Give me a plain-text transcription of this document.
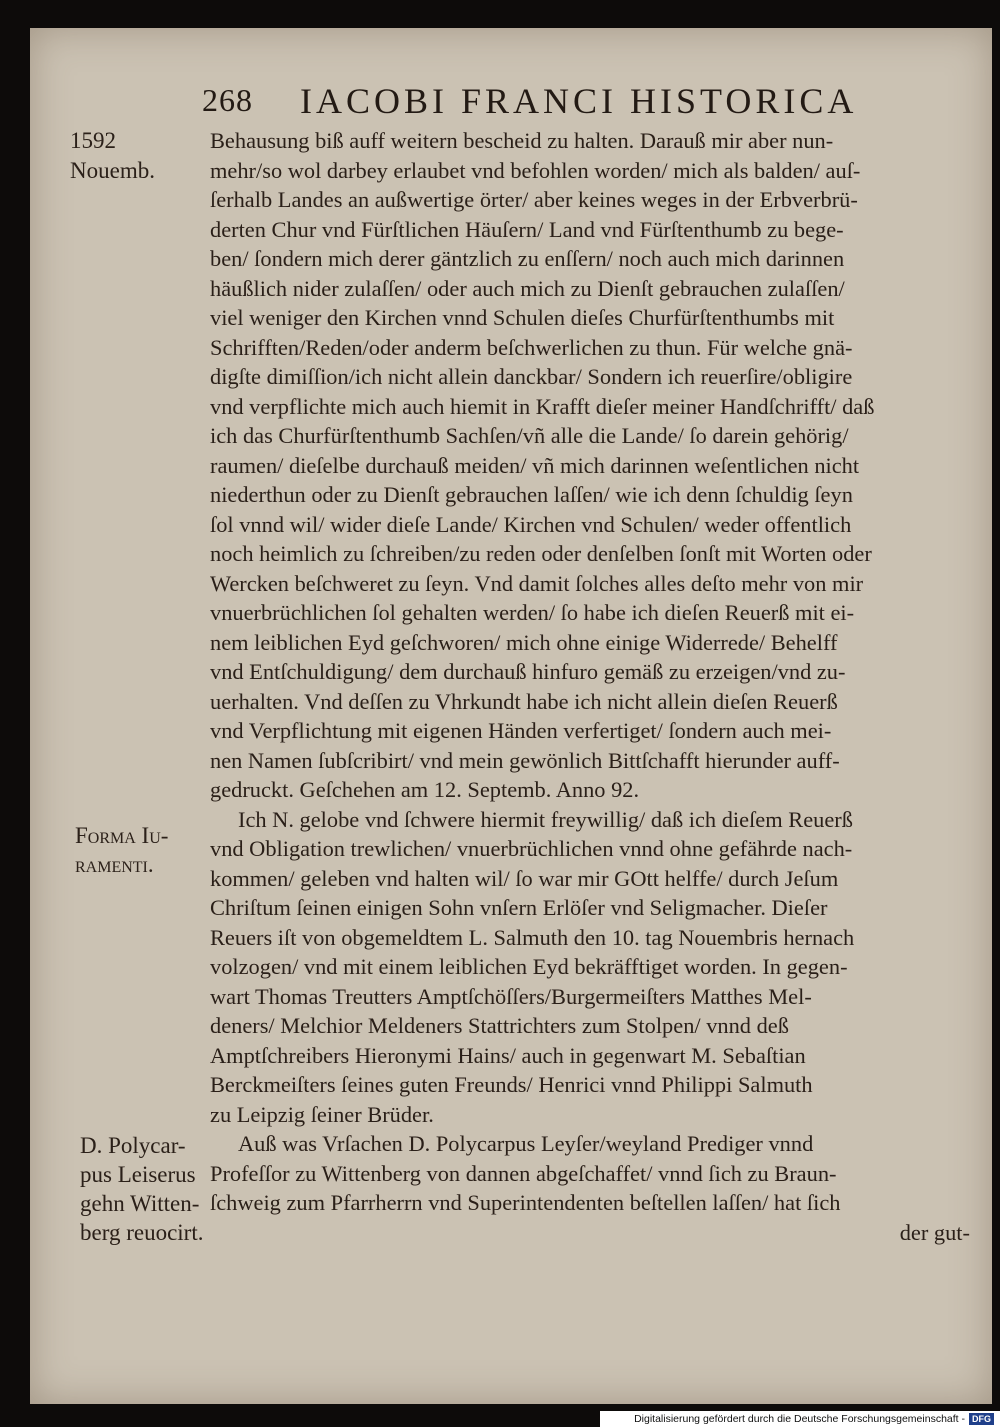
268 IACOBI FRANCI HISTORICA
1592
Nouemb.
Forma Iu-
ramenti.
D. Polycar-
pus Leiserus
gehn Witten-
berg reuocirt.
Behausung biß auff weitern bescheid zu halten. Darauß mir aber nun-
mehr/so wol darbey erlaubet vnd befohlen worden/ mich als balden/ auſ-
ſerhalb Landes an außwertige örter/ aber keines weges in der Erbverbrü-
derten Chur vnd Fürſtlichen Häuſern/ Land vnd Fürſtenthumb zu bege-
ben/ ſondern mich derer gäntzlich zu enſſern/ noch auch mich darinnen
häußlich nider zulaſſen/ oder auch mich zu Dienſt gebrauchen zulaſſen/
viel weniger den Kirchen vnnd Schulen dieſes Churfürſtenthumbs mit
Schrifften/Reden/oder anderm beſchwerlichen zu thun. Für welche gnä-
digſte dimiſſion/ich nicht allein danckbar/ Sondern ich reuerſire/obligire
vnd verpflichte mich auch hiemit in Krafft dieſer meiner Handſchrifft/ daß
ich das Churfürſtenthumb Sachſen/vñ alle die Lande/ ſo darein gehörig/
raumen/ dieſelbe durchauß meiden/ vñ mich darinnen weſentlichen nicht
niederthun oder zu Dienſt gebrauchen laſſen/ wie ich denn ſchuldig ſeyn
ſol vnnd wil/ wider dieſe Lande/ Kirchen vnd Schulen/ weder offentlich
noch heimlich zu ſchreiben/zu reden oder denſelben ſonſt mit Worten oder
Wercken beſchweret zu ſeyn. Vnd damit ſolches alles deſto mehr von mir
vnuerbrüchlichen ſol gehalten werden/ ſo habe ich dieſen Reuerß mit ei-
nem leiblichen Eyd geſchworen/ mich ohne einige Widerrede/ Behelff
vnd Entſchuldigung/ dem durchauß hinfuro gemäß zu erzeigen/vnd zu-
uerhalten. Vnd deſſen zu Vhrkundt habe ich nicht allein dieſen Reuerß
vnd Verpflichtung mit eigenen Händen verfertiget/ ſondern auch mei-
nen Namen ſubſcribirt/ vnd mein gewönlich Bittſchafft hierunder auff-
gedruckt. Geſchehen am 12. Septemb. Anno 92.
Ich N. gelobe vnd ſchwere hiermit freywillig/ daß ich dieſem Reuerß
vnd Obligation trewlichen/ vnuerbrüchlichen vnnd ohne gefährde nach-
kommen/ geleben vnd halten wil/ ſo war mir GOtt helffe/ durch Jeſum
Chriſtum ſeinen einigen Sohn vnſern Erlöſer vnd Seligmacher. Dieſer
Reuers iſt von obgemeldtem L. Salmuth den 10. tag Nouembris hernach
volzogen/ vnd mit einem leiblichen Eyd bekräfftiget worden. In gegen-
wart Thomas Treutters Amptſchöſſers/Burgermeiſters Matthes Mel-
deners/ Melchior Meldeners Stattrichters zum Stolpen/ vnnd deß
Amptſchreibers Hieronymi Hains/ auch in gegenwart M. Sebaſtian
Berckmeiſters ſeines guten Freunds/ Henrici vnnd Philippi Salmuth
zu Leipzig ſeiner Brüder.
Auß was Vrſachen D. Polycarpus Leyſer/weyland Prediger vnnd
Profeſſor zu Wittenberg von dannen abgeſchaffet/ vnnd ſich zu Braun-
ſchweig zum Pfarrherrn vnd Superintendenten beſtellen laſſen/ hat ſich
der gut-
Digitalisierung gefördert durch die Deutsche Forschungsgemeinschaft - DFG
